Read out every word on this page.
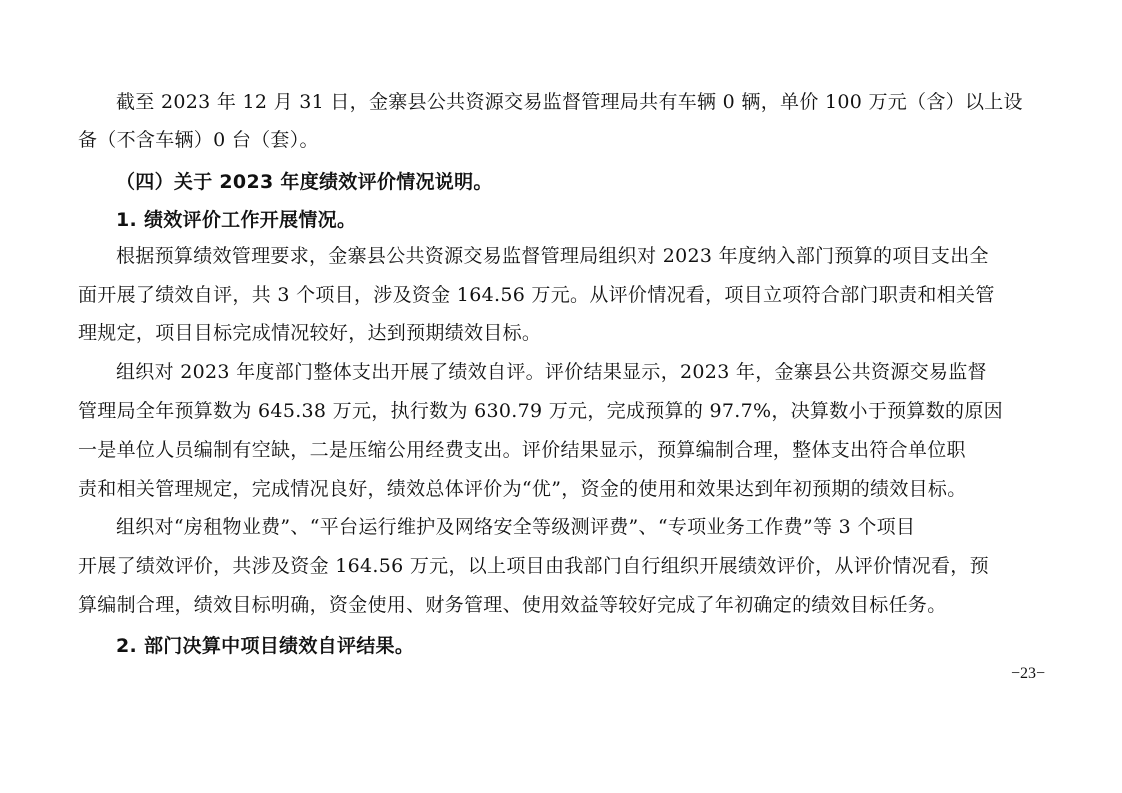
截至 2023 年 12 月 31 日，金寨县公共资源交易监督管理局共有车辆 0 辆，单价 100 万元（含）以上设
备（不含车辆）0 台（套）。
（四）关于 2023 年度绩效评价情况说明。
1. 绩效评价工作开展情况。
根据预算绩效管理要求，金寨县公共资源交易监督管理局组织对 2023 年度纳入部门预算的项目支出全
面开展了绩效自评，共 3 个项目，涉及资金 164.56 万元。从评价情况看，项目立项符合部门职责和相关管
理规定，项目目标完成情况较好，达到预期绩效目标。
组织对 2023 年度部门整体支出开展了绩效自评。评价结果显示，2023 年，金寨县公共资源交易监督
管理局全年预算数为 645.38 万元，执行数为 630.79 万元，完成预算的 97.7%，决算数小于预算数的原因
一是单位人员编制有空缺，二是压缩公用经费支出。评价结果显示，预算编制合理，整体支出符合单位职
责和相关管理规定，完成情况良好，绩效总体评价为“优”，资金的使用和效果达到年初预期的绩效目标。
组织对“房租物业费”、“平台运行维护及网络安全等级测评费”、“专项业务工作费”等 3 个项目
开展了绩效评价，共涉及资金 164.56 万元，以上项目由我部门自行组织开展绩效评价，从评价情况看，预
算编制合理，绩效目标明确，资金使用、财务管理、使用效益等较好完成了年初确定的绩效目标任务。
2. 部门决算中项目绩效自评结果。
−23−
